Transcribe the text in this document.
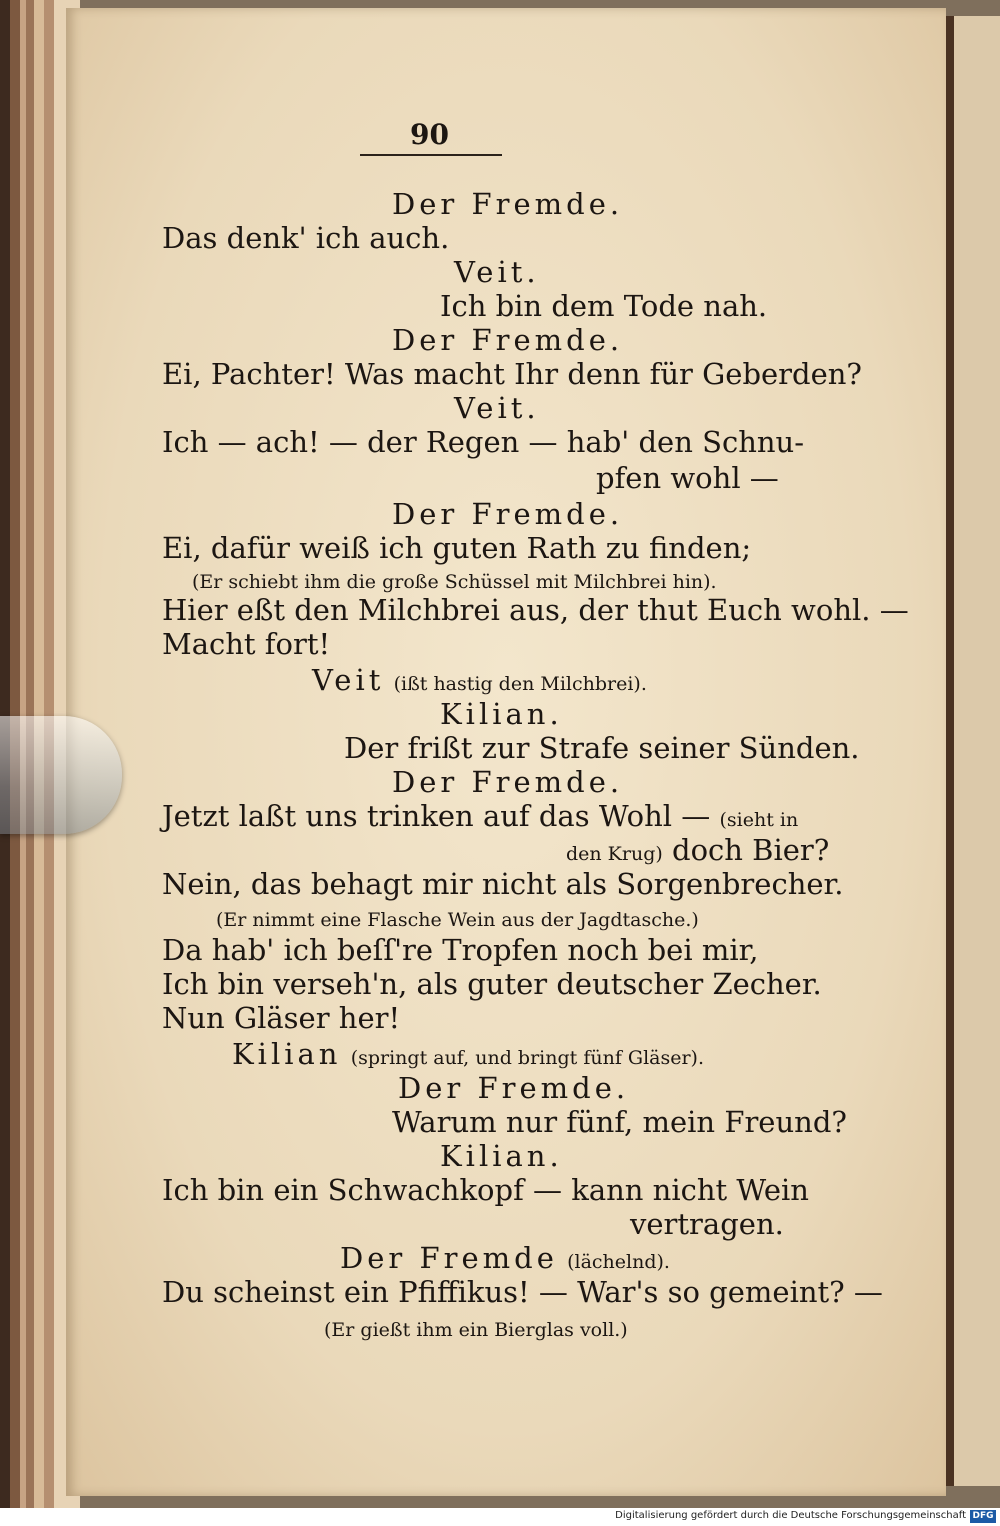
90
Der Fremde.
Das denk' ich auch.
Veit.
Ich bin dem Tode nah.
Der Fremde.
Ei, Pachter! Was macht Ihr denn für Geberden?
Veit.
Ich — ach! — der Regen — hab' den Schnu-
pfen wohl —
Der Fremde.
Ei, dafür weiß ich guten Rath zu finden;
(Er schiebt ihm die große Schüssel mit Milchbrei hin).
Hier eßt den Milchbrei aus, der thut Euch wohl. —
Macht fort!
Veit (ißt hastig den Milchbrei).
Kilian.
Der frißt zur Strafe seiner Sünden.
Der Fremde.
Jetzt laßt uns trinken auf das Wohl — (sieht in
den Krug) doch Bier?
Nein, das behagt mir nicht als Sorgenbrecher.
(Er nimmt eine Flasche Wein aus der Jagdtasche.)
Da hab' ich beſſ're Tropfen noch bei mir,
Ich bin verseh'n, als guter deutscher Zecher.
Nun Gläser her!
Kilian (springt auf, und bringt fünf Gläser).
Der Fremde.
Warum nur fünf, mein Freund?
Kilian.
Ich bin ein Schwachkopf — kann nicht Wein
vertragen.
Der Fremde (lächelnd).
Du scheinst ein Pfiffikus! — War's so gemeint? —
(Er gießt ihm ein Bierglas voll.)
Digitalisierung gefördert durch die Deutsche Forschungsgemeinschaft DFG
